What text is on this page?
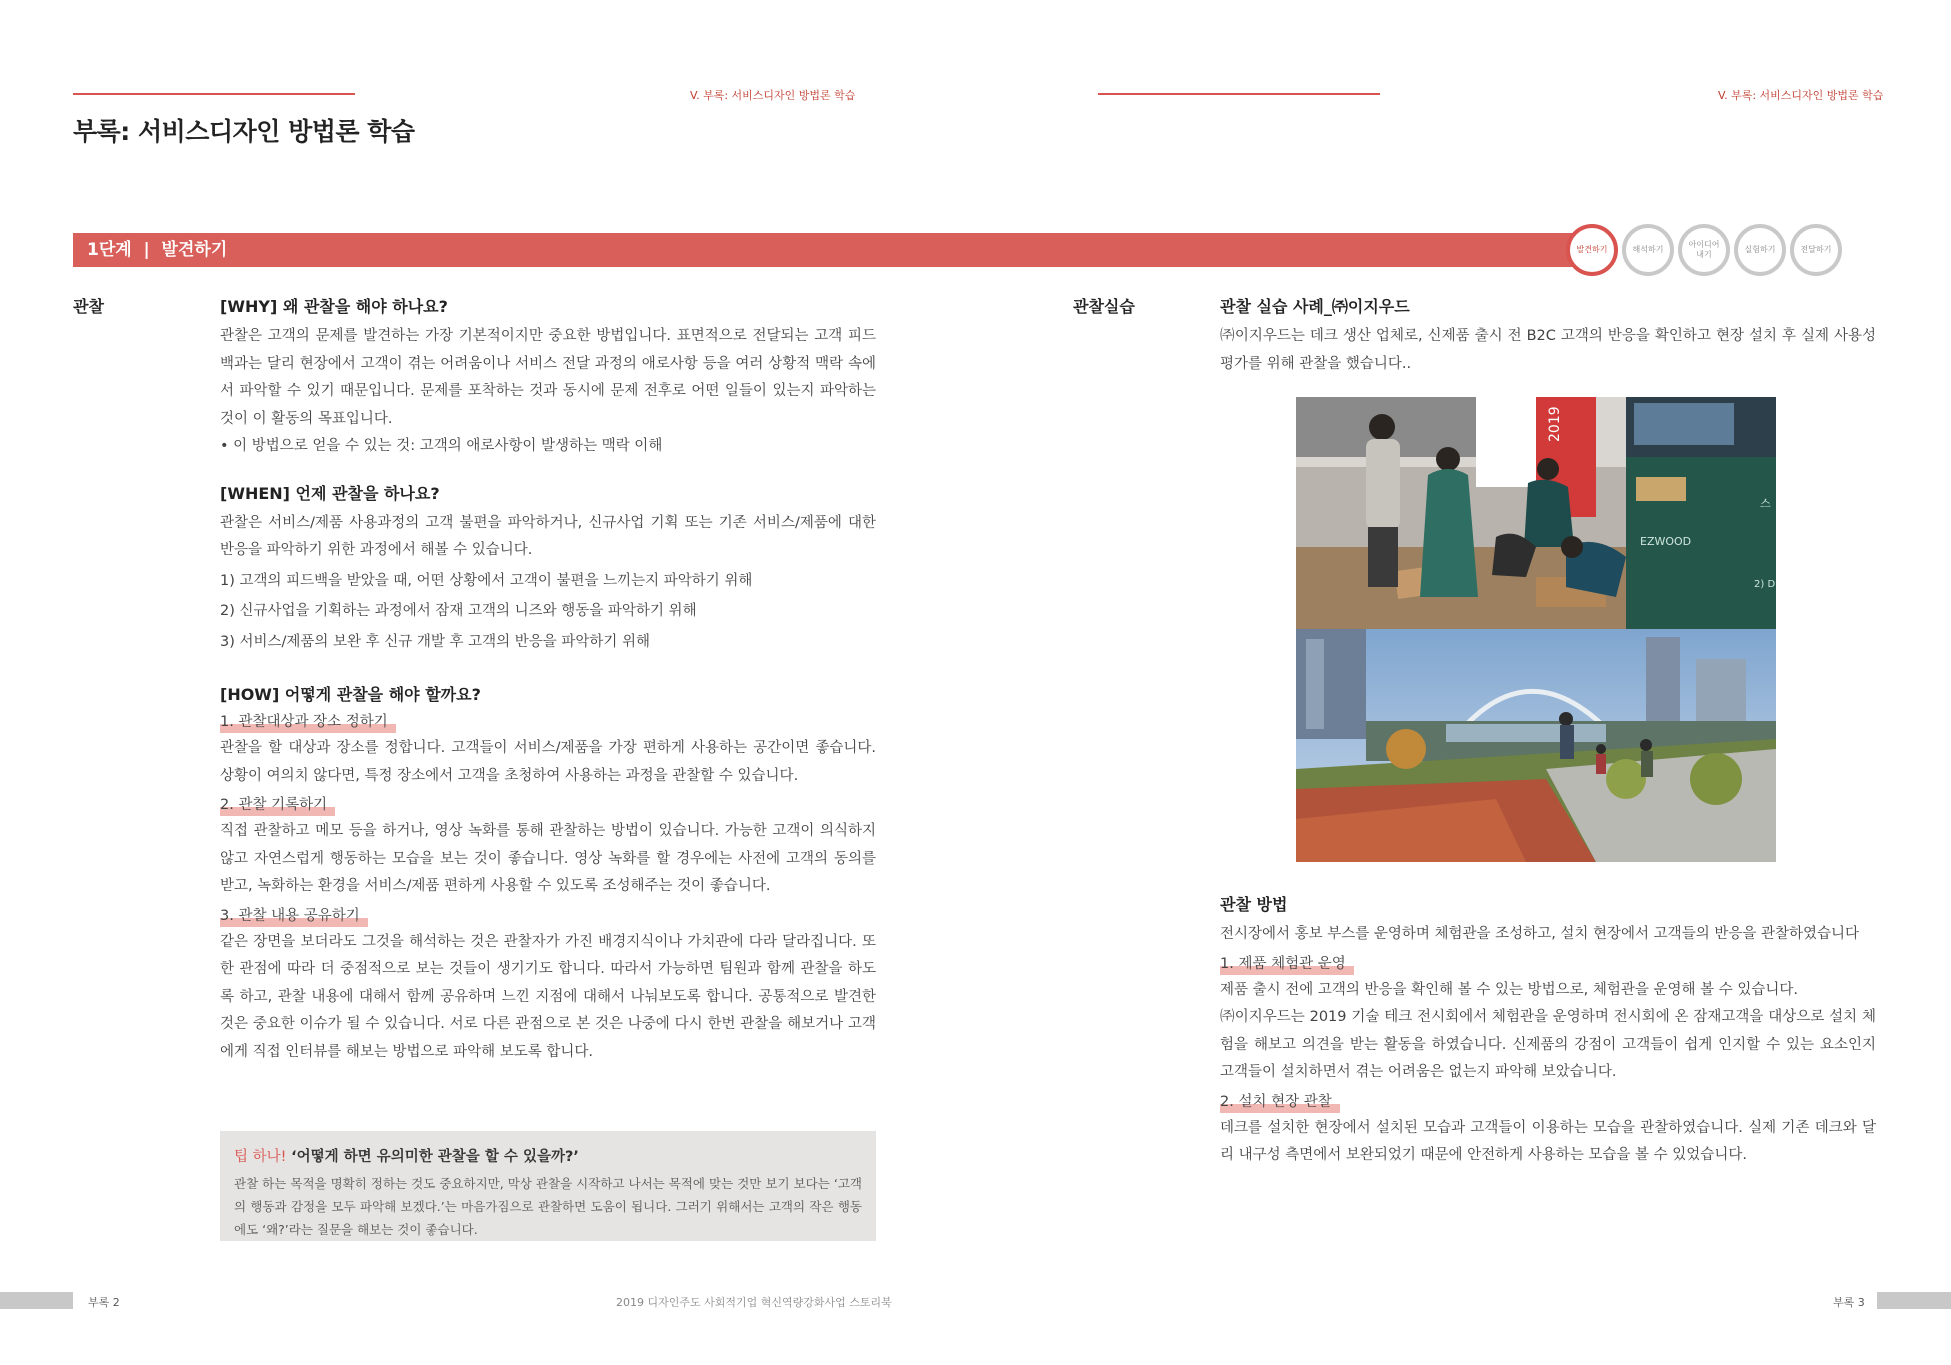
V. 부록: 서비스디자인 방법론 학습	V. 부록: 서비스디자인 방법론 학습
부록: 서비스디자인 방법론 학습
1단계  |  발견하기	발견하기	해석하기
아이디어
내기
실험하기	전달하기
관찰	[WHY] 왜 관찰을 해야 하나요?

관찰은 고객의 문제를 발견하는 가장 기본적이지만 중요한 방법입니다. 표면적으로 전달되는 고객 피드백과는 달리 현장에서 고객이 겪는 어려움이나 서비스 전달 과정의 애로사항 등을 여러 상황적 맥락 속에서 파악할 수 있기 때문입니다. 문제를 포착하는 것과 동시에 문제 전후로 어떤 일들이 있는지 파악하는 것이 이 활동의 목표입니다.

• 이 방법으로 얻을 수 있는 것: 고객의 애로사항이 발생하는 맥락 이해

[WHEN] 언제 관찰을 하나요?

관찰은 서비스/제품 사용과정의 고객 불편을 파악하거나, 신규사업 기획 또는 기존 서비스/제품에 대한 반응을 파악하기 위한 과정에서 해볼 수 있습니다.

1) 고객의 피드백을 받았을 때, 어떤 상황에서 고객이 불편을 느끼는지 파악하기 위해

2) 신규사업을 기획하는 과정에서 잠재 고객의 니즈와 행동을 파악하기 위해

3) 서비스/제품의 보완 후 신규 개발 후 고객의 반응을 파악하기 위해

[HOW] 어떻게 관찰을 해야 할까요?
1. 관찰대상과 장소 정하기

관찰을 할 대상과 장소를 정합니다. 고객들이 서비스/제품을 가장 편하게 사용하는 공간이면 좋습니다. 상황이 여의치 않다면, 특정 장소에서 고객을 초청하여 사용하는 과정을 관찰할 수 있습니다.

2. 관찰 기록하기

직접 관찰하고 메모 등을 하거나, 영상 녹화를 통해 관찰하는 방법이 있습니다. 가능한 고객이 의식하지 않고 자연스럽게 행동하는 모습을 보는 것이 좋습니다. 영상 녹화를 할 경우에는 사전에 고객의 동의를 받고, 녹화하는 환경을 서비스/제품 편하게 사용할 수 있도록 조성해주는 것이 좋습니다.

3. 관찰 내용 공유하기

같은 장면을 보더라도 그것을 해석하는 것은 관찰자가 가진 배경지식이나 가치관에 다라 달라집니다. 또한 관점에 따라 더 중점적으로 보는 것들이 생기기도 합니다. 따라서 가능하면 팀원과 함께 관찰을 하도록 하고, 관찰 내용에 대해서 함께 공유하며 느낀 지점에 대해서 나눠보도록 합니다. 공통적으로 발견한 것은 중요한 이슈가 될 수 있습니다. 서로 다른 관점으로 본 것은 나중에 다시 한번 관찰을 해보거나 고객에게 직접 인터뷰를 해보는 방법으로 파악해 보도록 합니다.

팁 하나! ‘어떻게 하면 유의미한 관찰을 할 수 있을까?’

관찰 하는 목적을 명확히 정하는 것도 중요하지만, 막상 관찰을 시작하고 나서는 목적에 맞는 것만 보기 보다는 ‘고객의 행동과 감정을 모두 파악해 보겠다.’는 마음가짐으로 관찰하면 도움이 됩니다. 그러기 위해서는 고객의 작은 행동에도 ‘왜?’라는 질문을 해보는 것이 좋습니다.

관찰실습	관찰 실습 사례_㈜이지우드

㈜이지우드는 데크 생산 업체로, 신제품 출시 전 B2C 고객의 반응을 확인하고 현장 설치 후 실제 사용성 평가를 위해 관찰을 했습니다..

2019
EZWOOD
스
2) D
관찰 방법

전시장에서 홍보 부스를 운영하며 체험관을 조성하고, 설치 현장에서 고객들의 반응을 관찰하였습니다

1. 제품 체험관 운영

제품 출시 전에 고객의 반응을 확인해 볼 수 있는 방법으로, 체험관을 운영해 볼 수 있습니다.

㈜이지우드는 2019 기술 테크 전시회에서 체험관을 운영하며 전시회에 온 잠재고객을 대상으로 설치 체험을 해보고 의견을 받는 활동을 하였습니다. 신제품의 강점이 고객들이 쉽게 인지할 수 있는 요소인지 고객들이 설치하면서 겪는 어려움은 없는지 파악해 보았습니다.

2. 설치 현장 관찰

데크를 설치한 현장에서 설치된 모습과 고객들이 이용하는 모습을 관찰하였습니다. 실제 기존 데크와 달리 내구성 측면에서 보완되었기 때문에 안전하게 사용하는 모습을 볼 수 있었습니다.

부록 2	2019 디자인주도 사회적기업 혁신역량강화사업 스토리북	부록 3
